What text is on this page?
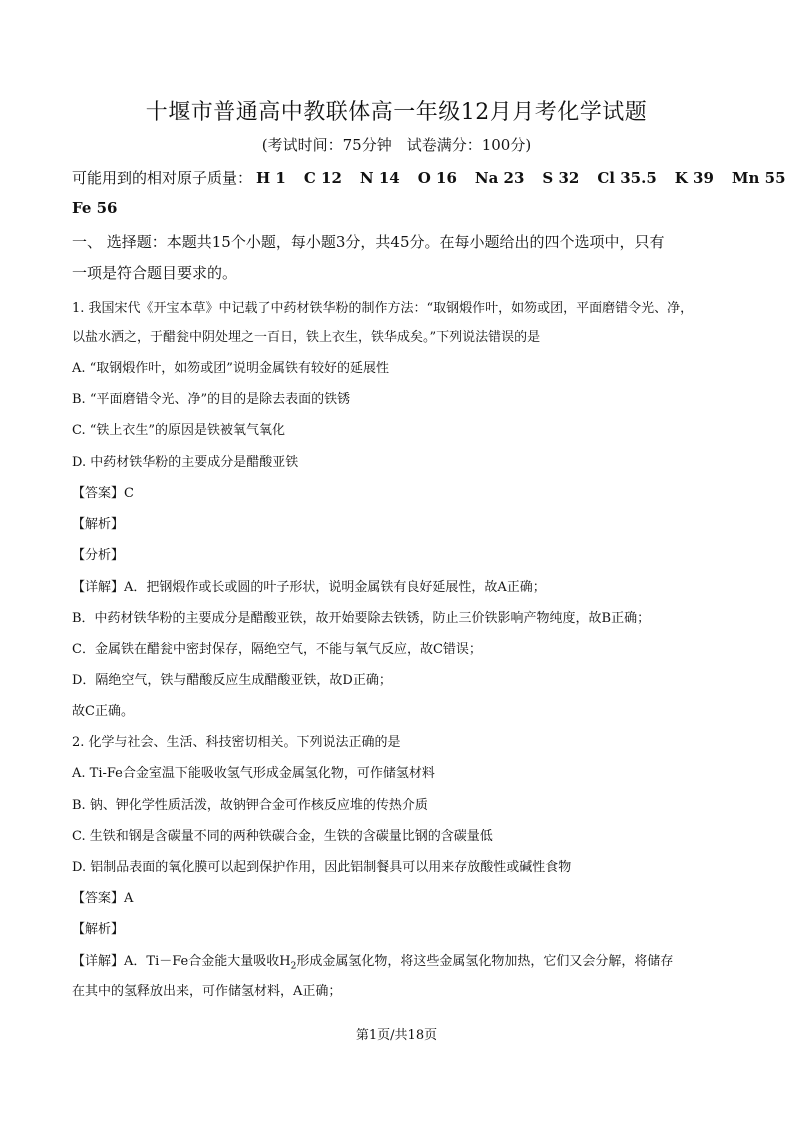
十堰市普通高中教联体高一年级12月月考化学试题
(考试时间：75分钟　试卷满分：100分)
可能用到的相对原子质量： H 1 C 12 N 14 O 16 Na 23 S 32 Cl 35.5 K 39 Mn 55
Fe 56
一、 选择题：本题共15个小题，每小题3分，共45分。在每小题给出的四个选项中，只有
一项是符合题目要求的。
1. 我国宋代《开宝本草》中记载了中药材铁华粉的制作方法：“取钢煅作叶，如笏或团，平面磨错令光、净，
以盐水洒之，于醋瓮中阴处埋之一百日，铁上衣生，铁华成矣。”下列说法错误的是
A. “取钢煅作叶，如笏或团”说明金属铁有较好的延展性
B. “平面磨错令光、净”的目的是除去表面的铁锈
C. “铁上衣生”的原因是铁被氧气氧化
D. 中药材铁华粉的主要成分是醋酸亚铁
【答案】C
【解析】
【分析】
【详解】A．把钢煅作或长或圆的叶子形状，说明金属铁有良好延展性，故A正确；
B．中药材铁华粉的主要成分是醋酸亚铁，故开始要除去铁锈，防止三价铁影响产物纯度，故B正确；
C．金属铁在醋瓮中密封保存，隔绝空气，不能与氧气反应，故C错误；
D．隔绝空气，铁与醋酸反应生成醋酸亚铁，故D正确；
故C正确。
2. 化学与社会、生活、科技密切相关。下列说法正确的是
A. Ti-Fe合金室温下能吸收氢气形成金属氢化物，可作储氢材料
B. 钠、钾化学性质活泼，故钠钾合金可作核反应堆的传热介质
C. 生铁和钢是含碳量不同的两种铁碳合金，生铁的含碳量比钢的含碳量低
D. 铝制品表面的氧化膜可以起到保护作用，因此铝制餐具可以用来存放酸性或碱性食物
【答案】A
【解析】
【详解】A．Ti－Fe合金能大量吸收$H_2$形成金属氢化物，将这些金属氢化物加热，它们又会分解，将储存
在其中的氢释放出来，可作储氢材料，A正确；
第1页/共18页
